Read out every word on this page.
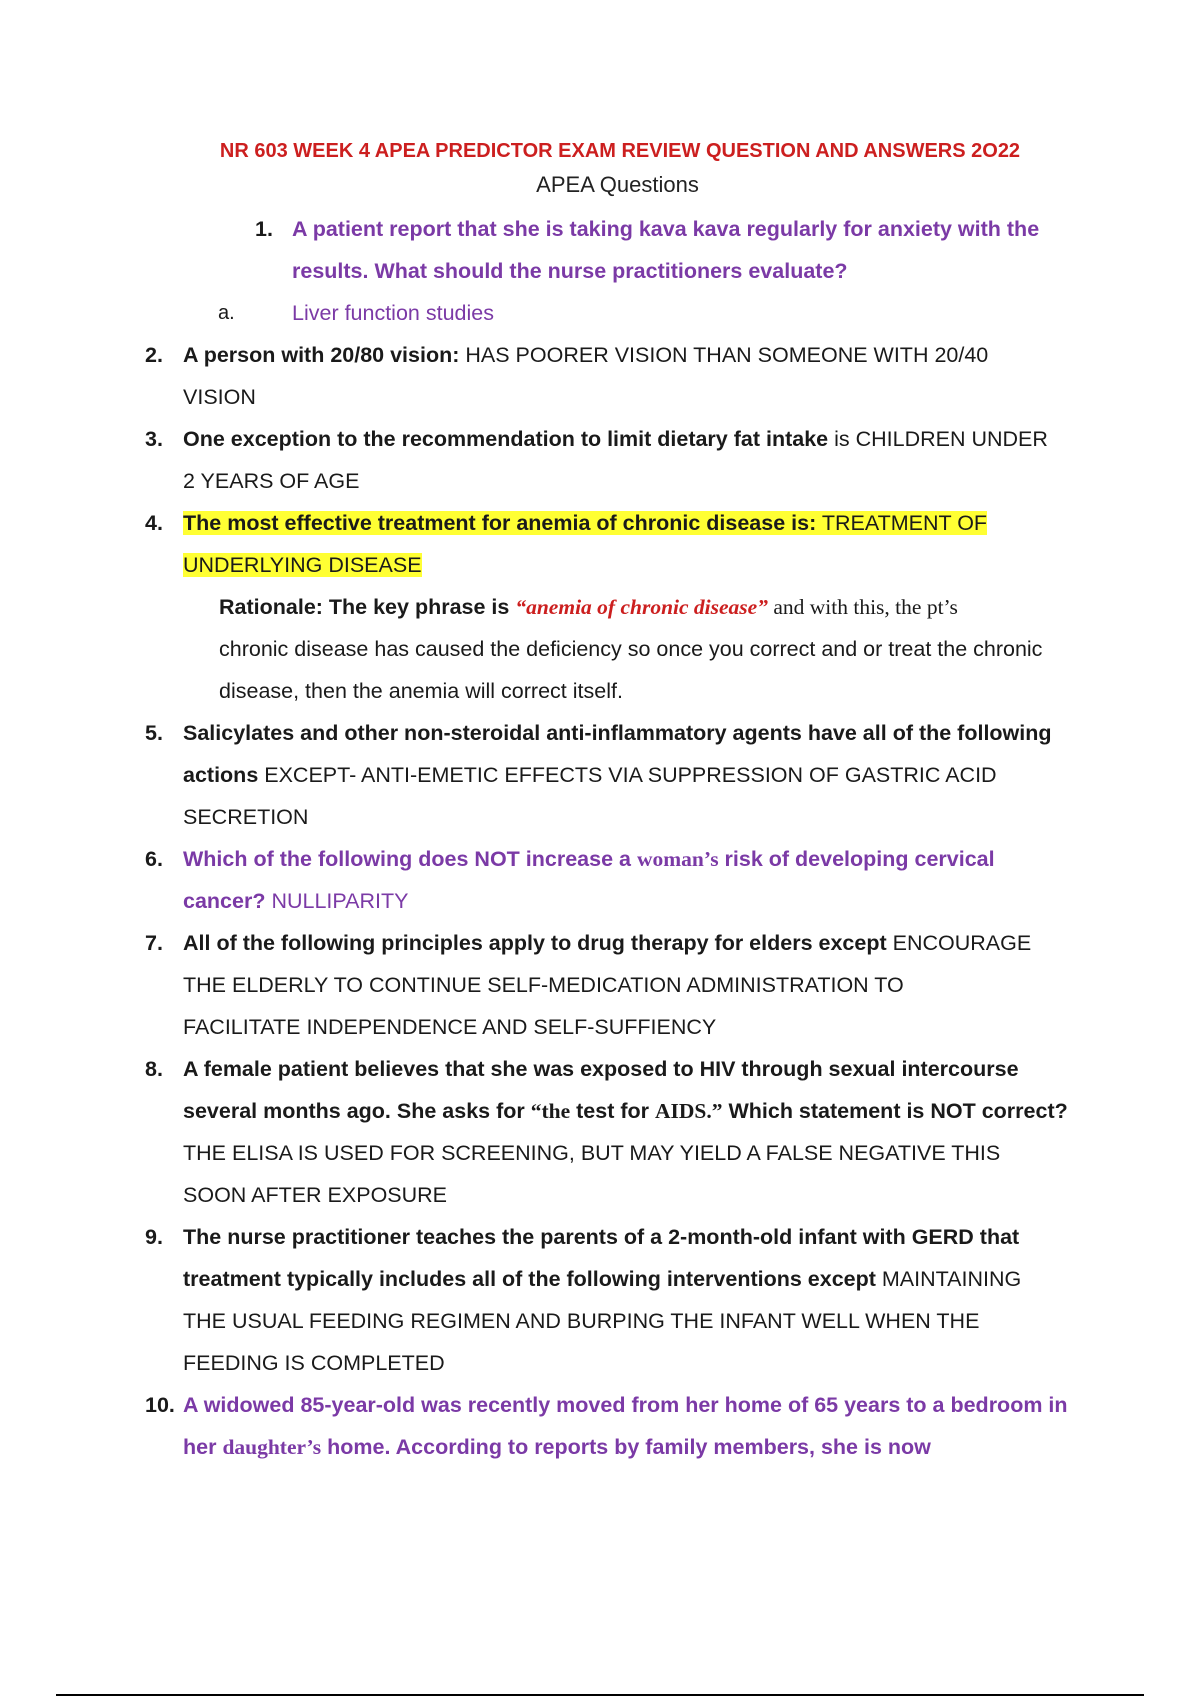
NR 603 WEEK 4 APEA PREDICTOR EXAM REVIEW QUESTION AND ANSWERS 2O22
APEA Questions
1. A patient report that she is taking kava kava regularly for anxiety with the
results. What should the nurse practitioners evaluate?
a.	Liver function studies
2. A person with 20/80 vision: HAS POORER VISION THAN SOMEONE WITH 20/40
VISION
3. One exception to the recommendation to limit dietary fat intake is CHILDREN UNDER
2 YEARS OF AGE
4. The most effective treatment for anemia of chronic disease is: TREATMENT OF
UNDERLYING DISEASE
Rationale: The key phrase is “anemia of chronic disease” and with this, the pt’s
chronic disease has caused the deficiency so once you correct and or treat the chronic
disease, then the anemia will correct itself.
5. Salicylates and other non-steroidal anti-inflammatory agents have all of the following
actions EXCEPT- ANTI-EMETIC EFFECTS VIA SUPPRESSION OF GASTRIC ACID
SECRETION
6. Which of the following does NOT increase a woman’s risk of developing cervical
cancer? NULLIPARITY
7. All of the following principles apply to drug therapy for elders except ENCOURAGE
THE ELDERLY TO CONTINUE SELF-MEDICATION ADMINISTRATION TO
FACILITATE INDEPENDENCE AND SELF-SUFFIENCY
8. A female patient believes that she was exposed to HIV through sexual intercourse
several months ago. She asks for “the test for AIDS.” Which statement is NOT correct?
THE ELISA IS USED FOR SCREENING, BUT MAY YIELD A FALSE NEGATIVE THIS
SOON AFTER EXPOSURE
9. The nurse practitioner teaches the parents of a 2-month-old infant with GERD that
treatment typically includes all of the following interventions except MAINTAINING
THE USUAL FEEDING REGIMEN AND BURPING THE INFANT WELL WHEN THE
FEEDING IS COMPLETED
10. A widowed 85-year-old was recently moved from her home of 65 years to a bedroom in
her daughter’s home. According to reports by family members, she is now
